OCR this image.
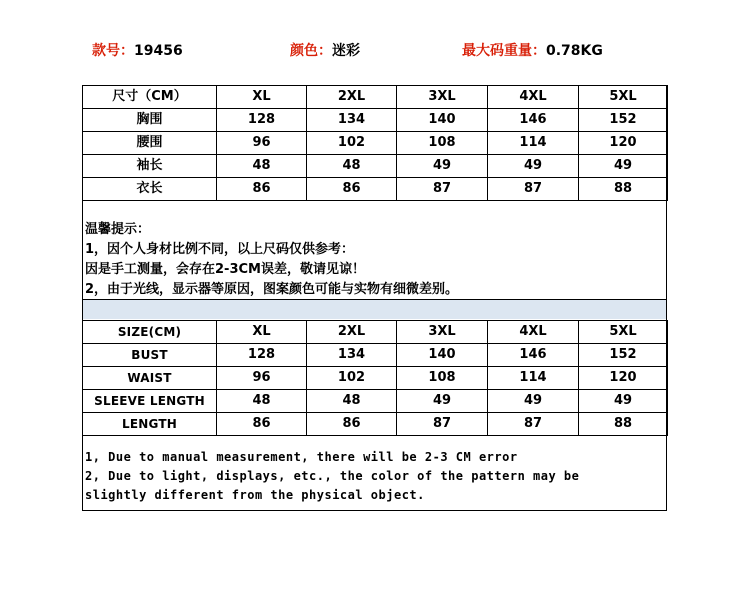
款号：19456	颜色：迷彩	最大码重量：0.78KG
尺寸（CM）	XL	2XL	3XL	4XL	5XL
胸围	128	134	140	146	152
腰围	96	102	108	114	120
袖长	48	48	49	49	49
衣长	86	86	87	87	88
温馨提示：
1，因个人身材比例不同，以上尺码仅供参考：
因是手工测量，会存在2-3CM误差，敬请见谅！
2，由于光线，显示器等原因，图案颜色可能与实物有细微差别。
SIZE(CM)	XL	2XL	3XL	4XL	5XL
BUST	128	134	140	146	152
WAIST	96	102	108	114	120
SLEEVE LENGTH	48	48	49	49	49
LENGTH	86	86	87	87	88
1, Due to manual measurement, there will be 2-3 CM error
2, Due to light, displays, etc., the color of the pattern may be
slightly different from the physical object.
